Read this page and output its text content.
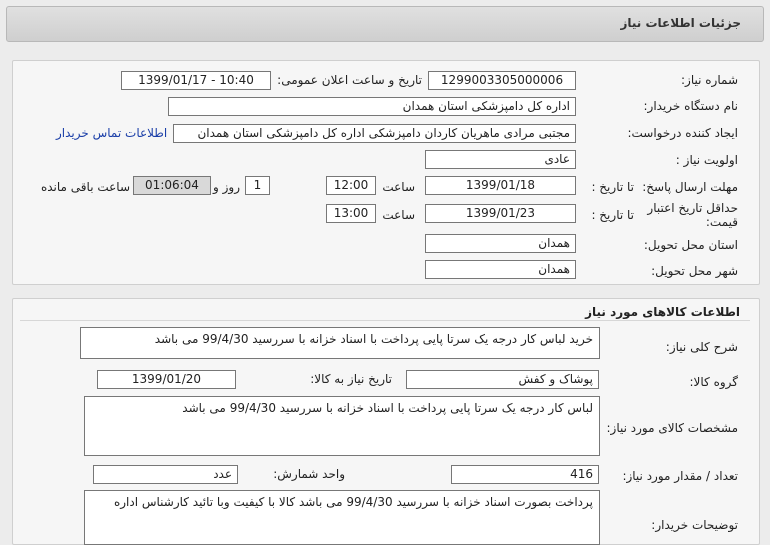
جزئیات اطلاعات نیاز
شماره نیاز:
1299003305000006
تاریخ و ساعت اعلان عمومی:
1399/01/17 - 10:40
نام دستگاه خریدار:
اداره کل دامپزشکی استان همدان
ایجاد کننده درخواست:
مجتبی مرادی ماهریان کاردان دامپزشکی اداره کل دامپزشکی استان همدان
اطلاعات تماس خریدار
اولویت نیاز :
عادی
مهلت ارسال پاسخ:
تا تاریخ :
1399/01/18
ساعت
12:00
1
روز و
01:06:04
ساعت باقی مانده
حداقل تاریخ اعتبار قیمت:
تا تاریخ :
1399/01/23
ساعت
13:00
استان محل تحویل:
همدان
شهر محل تحویل:
همدان
اطلاعات کالاهای مورد نیاز
شرح کلی نیاز:
خرید لباس کار درجه یک سرتا پایی پرداخت با اسناد خزانه با سررسید 99/4/30 می باشد
گروه کالا:
پوشاک و کفش
تاریخ نیاز به کالا:
1399/01/20
مشخصات کالای مورد نیاز:
لباس کار درجه یک سرتا پایی پرداخت با اسناد خزانه با سررسید 99/4/30 می باشد
تعداد / مقدار مورد نیاز:
416
واحد شمارش:
عدد
توضیحات خریدار:
پرداخت بصورت اسناد خزانه با سررسید 99/4/30 می باشد کالا با کیفیت وبا تائید کارشناس اداره
